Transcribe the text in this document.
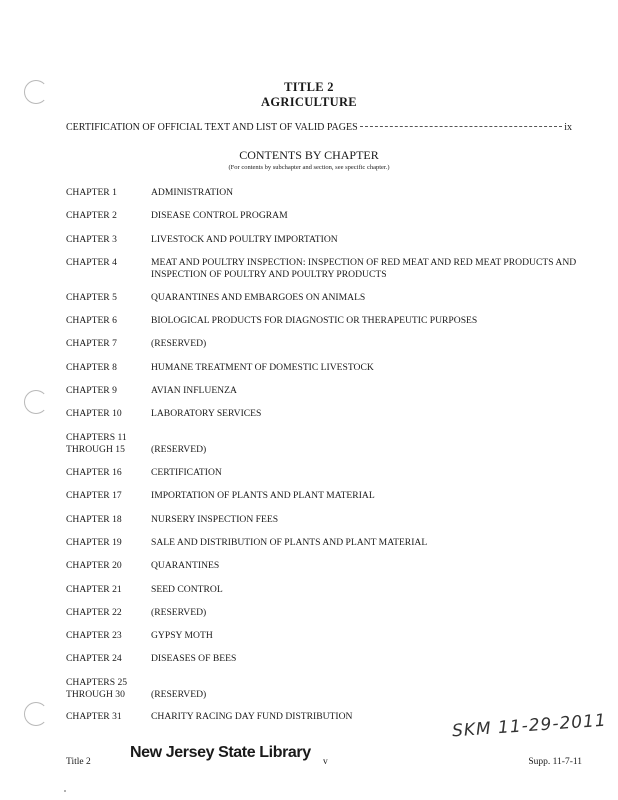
TITLE 2
AGRICULTURE
CERTIFICATION OF OFFICIAL TEXT AND LIST OF VALID PAGES	ix
CONTENTS BY CHAPTER
(For contents by subchapter and section, see specific chapter.)
CHAPTER 1	ADMINISTRATION
CHAPTER 2	DISEASE CONTROL PROGRAM
CHAPTER 3	LIVESTOCK AND POULTRY IMPORTATION
CHAPTER 4	MEAT AND POULTRY INSPECTION: INSPECTION OF RED MEAT AND RED MEAT PRODUCTS AND INSPECTION OF POULTRY AND POULTRY PRODUCTS
CHAPTER 5	QUARANTINES AND EMBARGOES ON ANIMALS
CHAPTER 6	BIOLOGICAL PRODUCTS FOR DIAGNOSTIC OR THERAPEUTIC PURPOSES
CHAPTER 7	(RESERVED)
CHAPTER 8	HUMANE TREATMENT OF DOMESTIC LIVESTOCK
CHAPTER 9	AVIAN INFLUENZA
CHAPTER 10	LABORATORY SERVICES
CHAPTERS 11
THROUGH 15	(RESERVED)
CHAPTER 16	CERTIFICATION
CHAPTER 17	IMPORTATION OF PLANTS AND PLANT MATERIAL
CHAPTER 18	NURSERY INSPECTION FEES
CHAPTER 19	SALE AND DISTRIBUTION OF PLANTS AND PLANT MATERIAL
CHAPTER 20	QUARANTINES
CHAPTER 21	SEED CONTROL
CHAPTER 22	(RESERVED)
CHAPTER 23	GYPSY MOTH
CHAPTER 24	DISEASES OF BEES
CHAPTERS 25
THROUGH 30	(RESERVED)
CHAPTER 31	CHARITY RACING DAY FUND DISTRIBUTION	SKM 11-29-2011
Title 2
New Jersey State Library
v	Supp. 11-7-11
